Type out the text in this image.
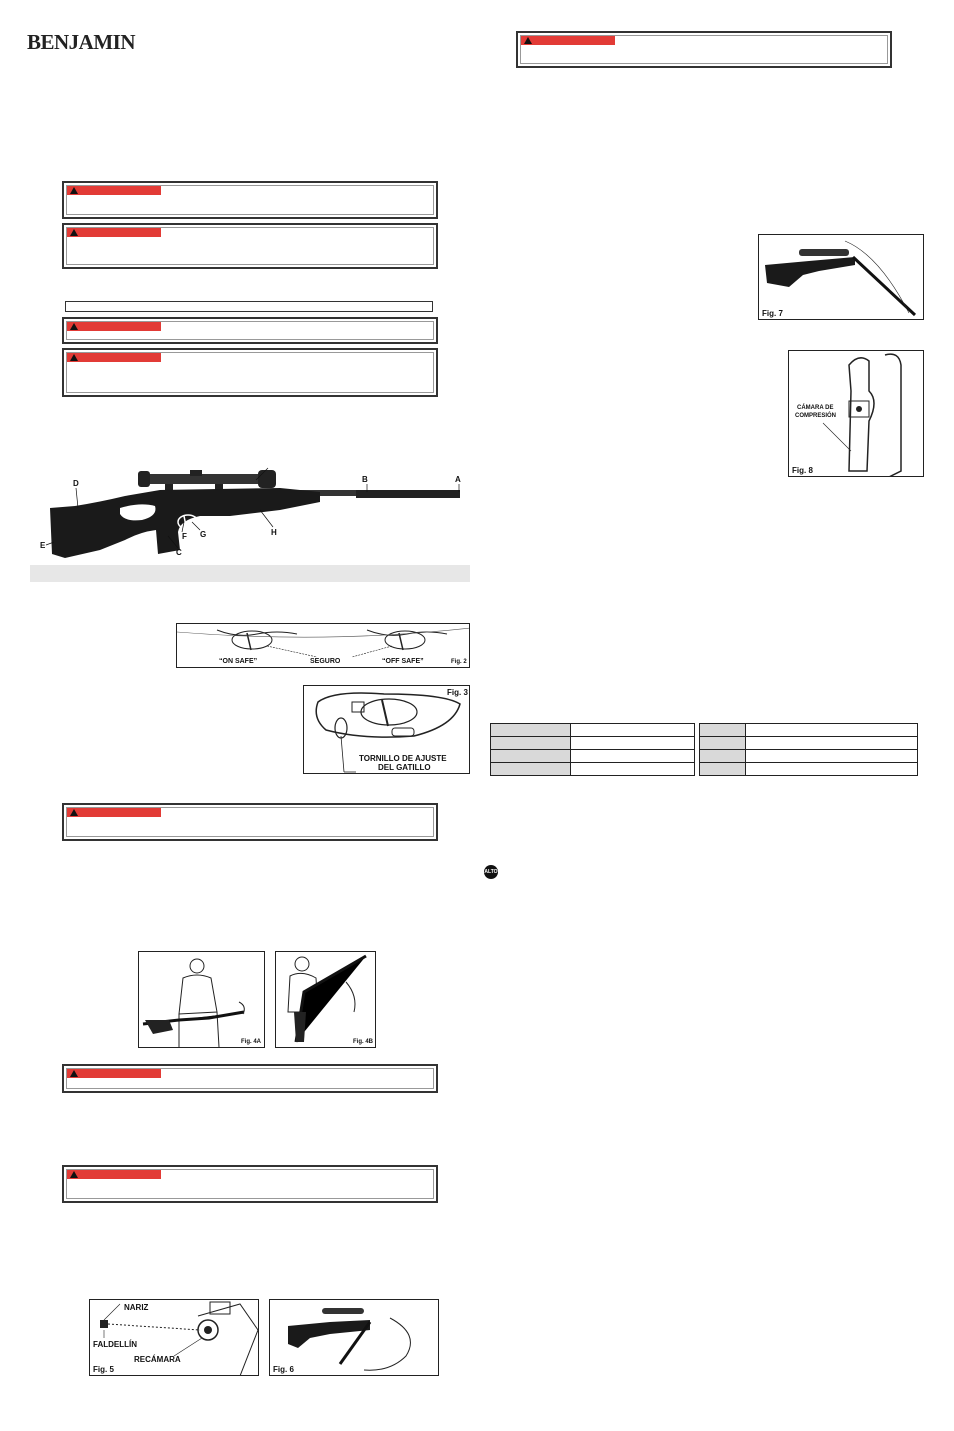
BENJAMIN
A
B
C
D
E
F G	H
“ON SAFE”	SEGURO	“OFF SAFE”	Fig. 2
Fig. 3
TORNILLO DE AJUSTE
DEL GATILLO
Fig. 4A	Fig. 4B
NARIZ
FALDELLÍN
RECÁMARA
Fig. 5	Fig. 6
Fig. 7
CÁMARA DE
COMPRESIÓN
Fig. 8

ALTO
